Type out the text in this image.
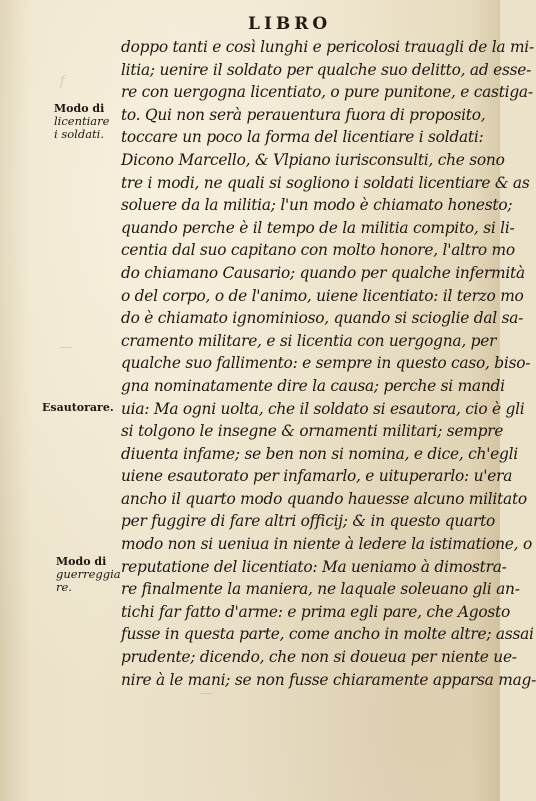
f
—
—
LIBRO
Modo di
licentiare
i soldati.
Esautorare.
Modo di
guerreggia
re.
doppo tanti e così lunghi e pericolosi trauagli de la mi-
litia; uenire il soldato per qualche suo delitto, ad esse-
re con uergogna licentiato, o pure punitone, e castiga-
to. Qui non serà perauentura fuora di proposito,
toccare un poco la forma del licentiare i soldati:
Dicono Marcello, & Vlpiano iurisconsulti, che sono
tre i modi, ne quali si sogliono i soldati licentiare & as
soluere da la militia; l'un modo è chiamato honesto;
quando perche è il tempo de la militia compito, si li-
centia dal suo capitano con molto honore, l'altro mo
do chiamano Causario; quando per qualche infermità
o del corpo, o de l'animo, uiene licentiato: il terzo mo
do è chiamato ignominioso, quando si scioglie dal sa-
cramento militare, e si licentia con uergogna, per
qualche suo fallimento: e sempre in questo caso, biso-
gna nominatamente dire la causa; perche si mandi
uia: Ma ogni uolta, che il soldato si esautora, cio è gli
si tolgono le insegne & ornamenti militari; sempre
diuenta infame; se ben non si nomina, e dice, ch'egli
uiene esautorato per infamarlo, e uituperarlo: u'era
ancho il quarto modo quando hauesse alcuno militato
per fuggire di fare altri officij; & in questo quarto
modo non si ueniua in niente à ledere la istimatione, o
reputatione del licentiato: Ma ueniamo à dimostra-
re finalmente la maniera, ne laquale soleuano gli an-
tichi far fatto d'arme: e prima egli pare, che Agosto
fusse in questa parte, come ancho in molte altre; assai
prudente; dicendo, che non si doueua per niente ue-
nire à le mani; se non fusse chiaramente apparsa mag-
